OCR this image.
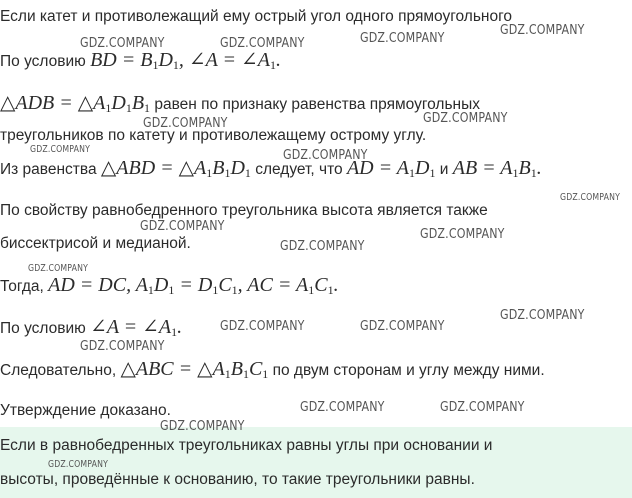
Если катет и противолежащий ему острый угол одного прямоугольного
По условию BD = $B_1D_1$, ∠A = $\angle A_1$.
△ADB = $\triangle A_1D_1B_1$ равен по признаку равенства прямоугольных
треугольников по катету и противолежащему острому углу.
Из равенства △ABD = $\triangle A_1B_1D_1$ следует, что AD = $A_1D_1$ и AB = $A_1B_1$.
По свойству равнобедренного треугольника высота является также
биссектрисой и медианой.
Тогда, AD = DC, $A_1D_1 = D_1C_1$, AC = $A_1C_1$.
По условию ∠A = $\angle A_1$.
Следовательно, △ABC = $\triangle A_1B_1C_1$ по двум сторонам и углу между ними.
Утверждение доказано.
Если в равнобедренных треугольниках равны углы при основании и
высоты, проведённые к основанию, то такие треугольники равны.
GDZ.COMPANY	GDZ.COMPANY	GDZ.COMPANY	GDZ.COMPANY
GDZ.COMPANY	GDZ.COMPANY
GDZ.COMPANY	GDZ.COMPANY
GDZ.COMPANY
GDZ.COMPANY	GDZ.COMPANY
GDZ.COMPANY
GDZ.COMPANY
GDZ.COMPANY
GDZ.COMPANY	GDZ.COMPANY
GDZ.COMPANY
GDZ.COMPANY	GDZ.COMPANY
GDZ.COMPANY
GDZ.COMPANY
